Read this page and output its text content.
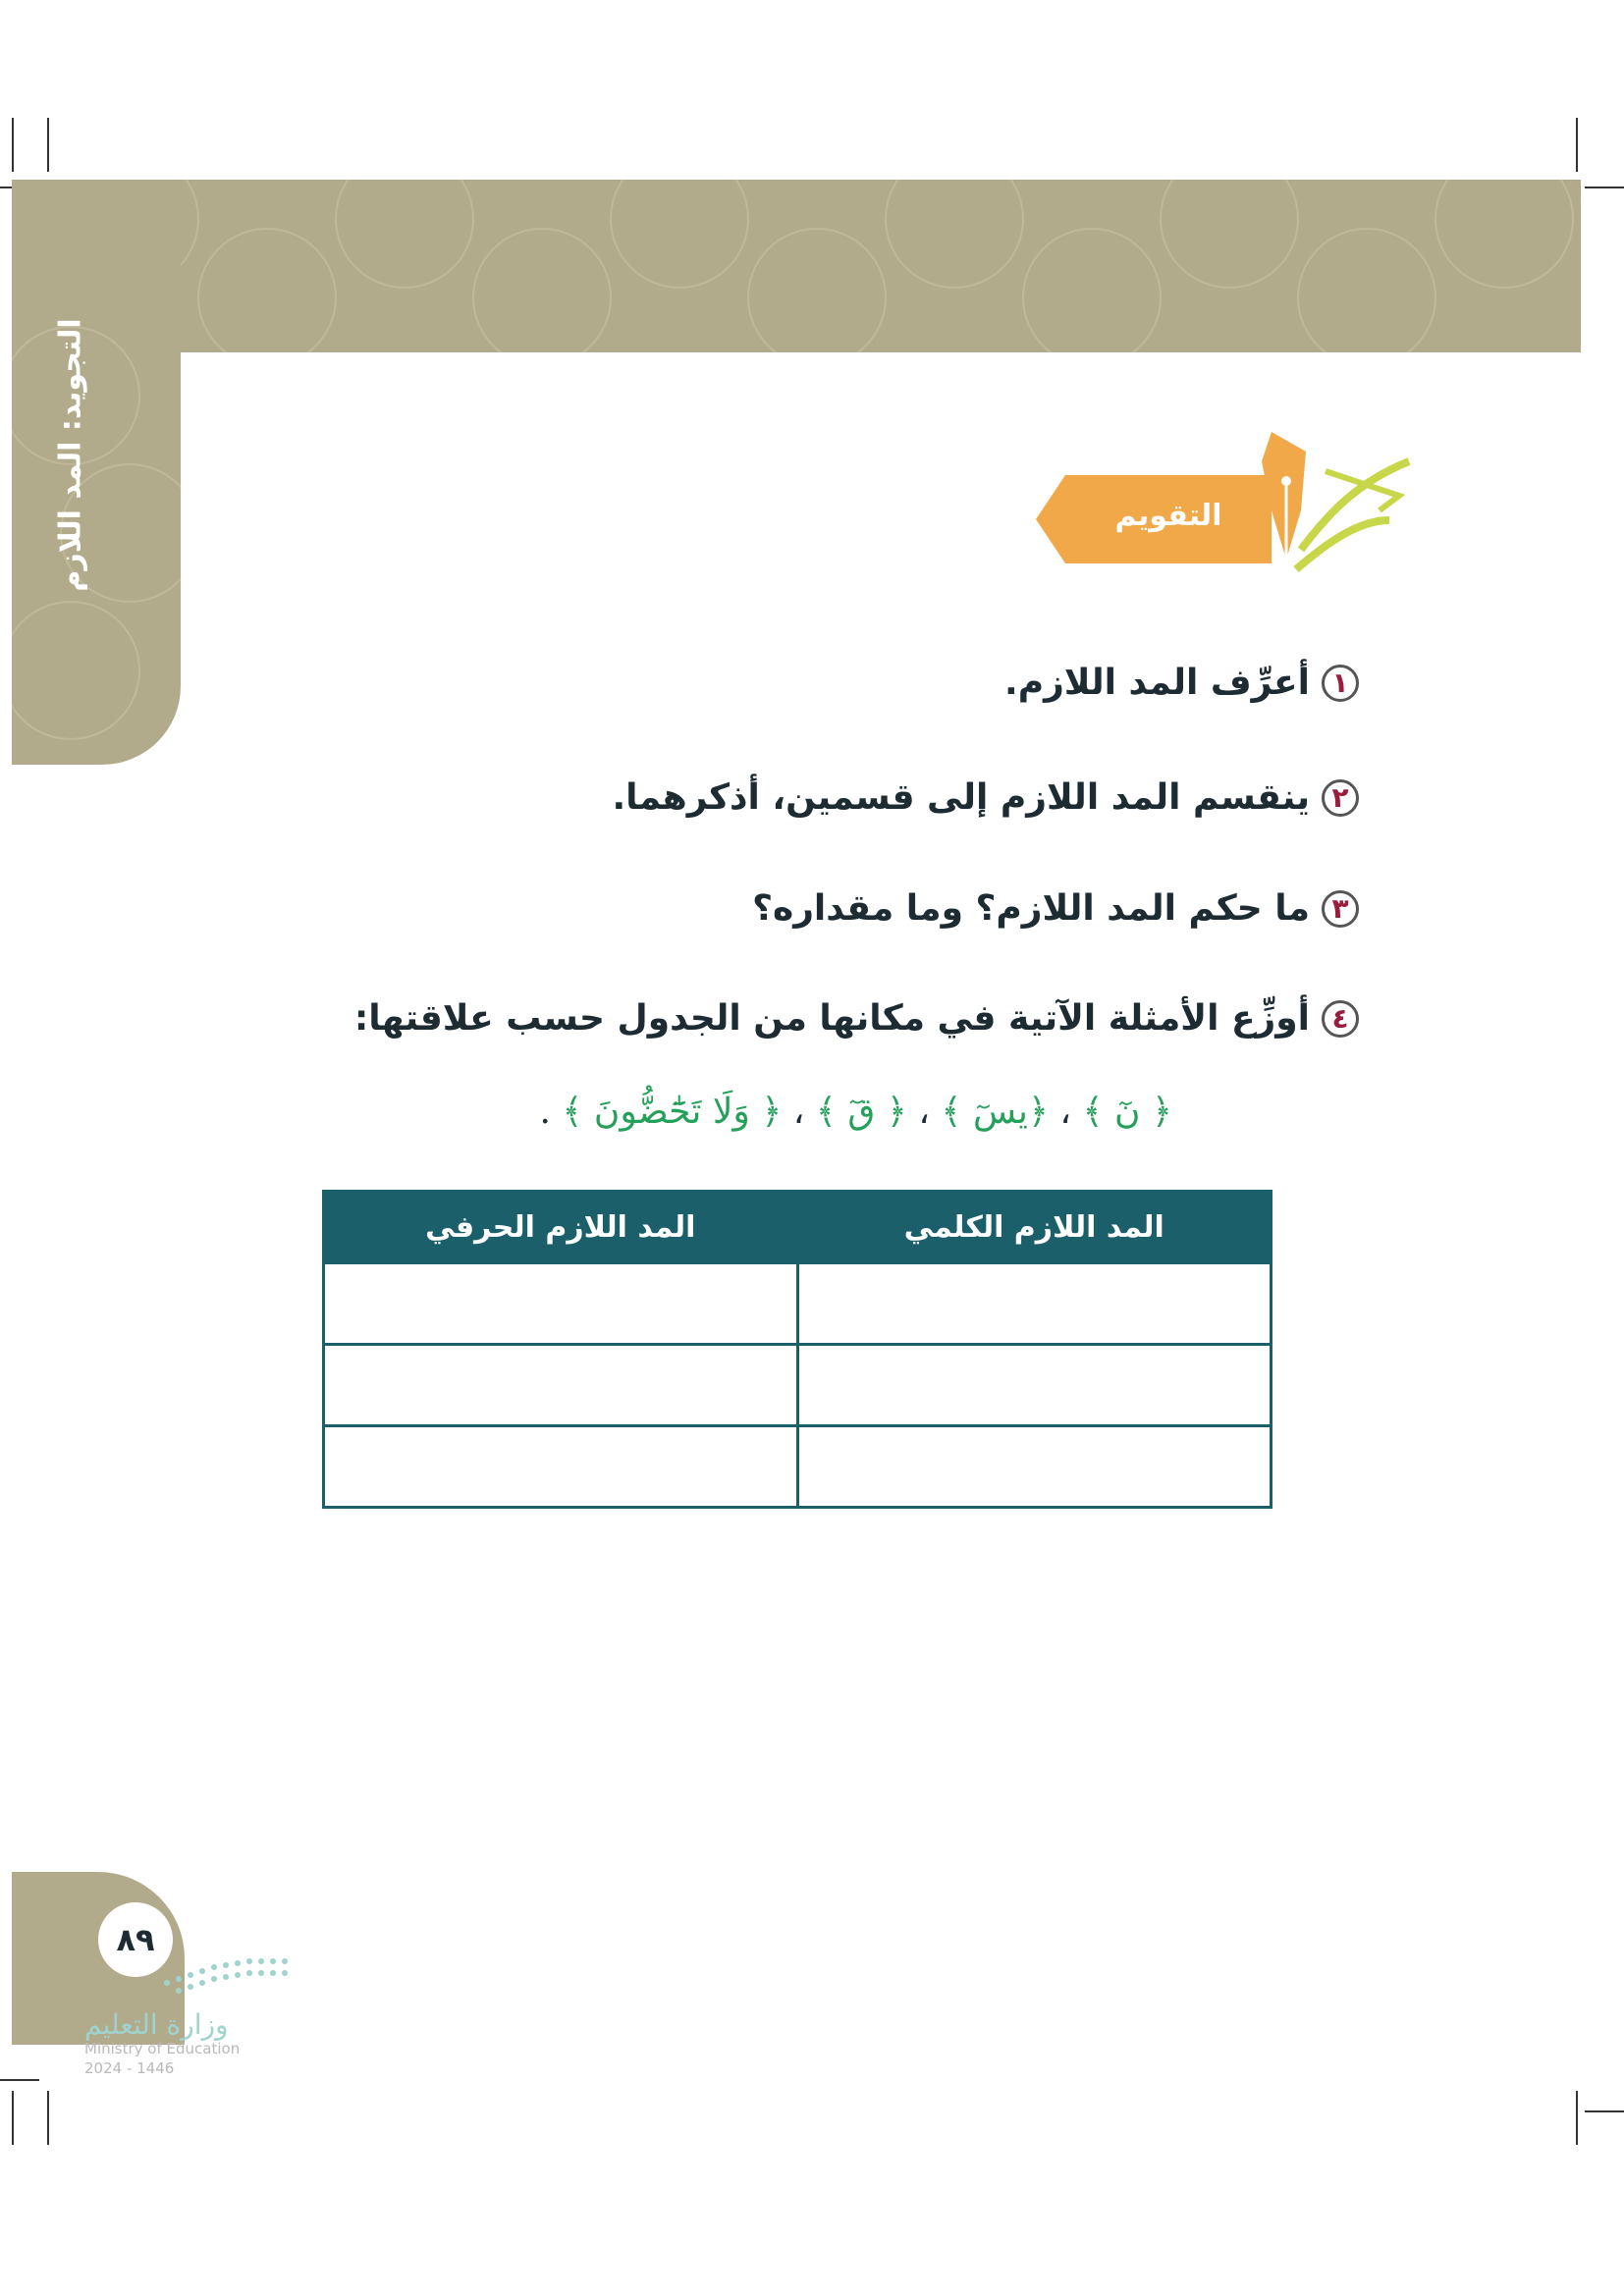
التجويد: المد اللازم	التقويم
١
أعرِّف المد اللازم.
٢
ينقسم المد اللازم إلى قسمين، أذكرهما.
٣
ما حكم المد اللازم؟ وما مقداره؟
٤
أوزِّع الأمثلة الآتية في مكانها من الجدول حسب علاقتها:
﴿ نٓ ﴾ ، ﴿يسٓ ﴾ ، ﴿ قٓ ﴾ ، ﴿ وَلَا تَحَٰٓضُّونَ ﴾ .
المد اللازم الكلمي	المد اللازم الحرفي

٨٩
وزارة التعليم
Ministry of Education
2024 - 1446
